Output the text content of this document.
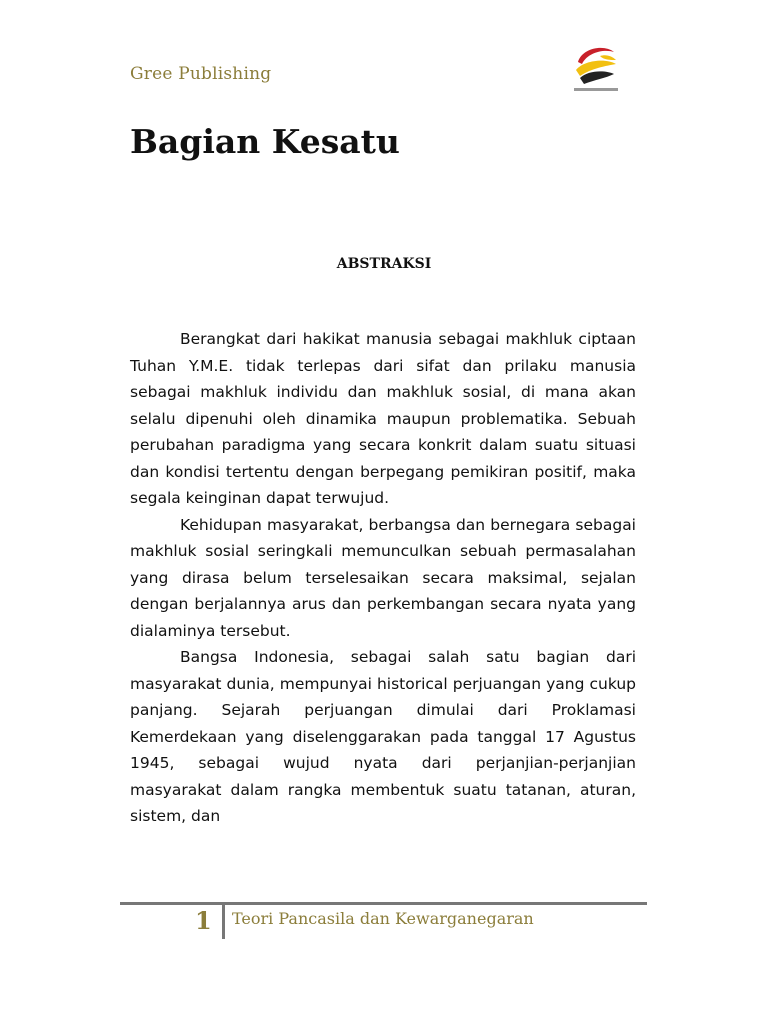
Gree Publishing
Bagian Kesatu
ABSTRAKSI

Berangkat dari hakikat manusia sebagai makhluk ciptaan Tuhan Y.M.E. tidak terlepas dari sifat dan prilaku manusia sebagai makhluk individu dan makhluk sosial, di mana akan selalu dipenuhi oleh dinamika maupun problematika. Sebuah perubahan paradigma yang secara konkrit dalam suatu situasi dan kondisi tertentu dengan berpegang pemikiran positif, maka segala keinginan dapat terwujud.

Kehidupan masyarakat, berbangsa dan bernegara sebagai makhluk sosial seringkali memunculkan sebuah permasalahan yang dirasa belum terselesaikan secara maksimal, sejalan dengan berjalannya arus dan perkembangan secara nyata yang dialaminya tersebut.

Bangsa Indonesia, sebagai salah satu bagian dari masyarakat dunia, mempunyai historical perjuangan yang cukup panjang. Sejarah perjuangan dimulai dari Proklamasi Kemerdekaan yang diselenggarakan pada tanggal 17 Agustus 1945, sebagai wujud nyata dari perjanjian-perjanjian masyarakat dalam rangka membentuk suatu tatanan, aturan, sistem, dan

1 Teori Pancasila dan Kewarganegaran
